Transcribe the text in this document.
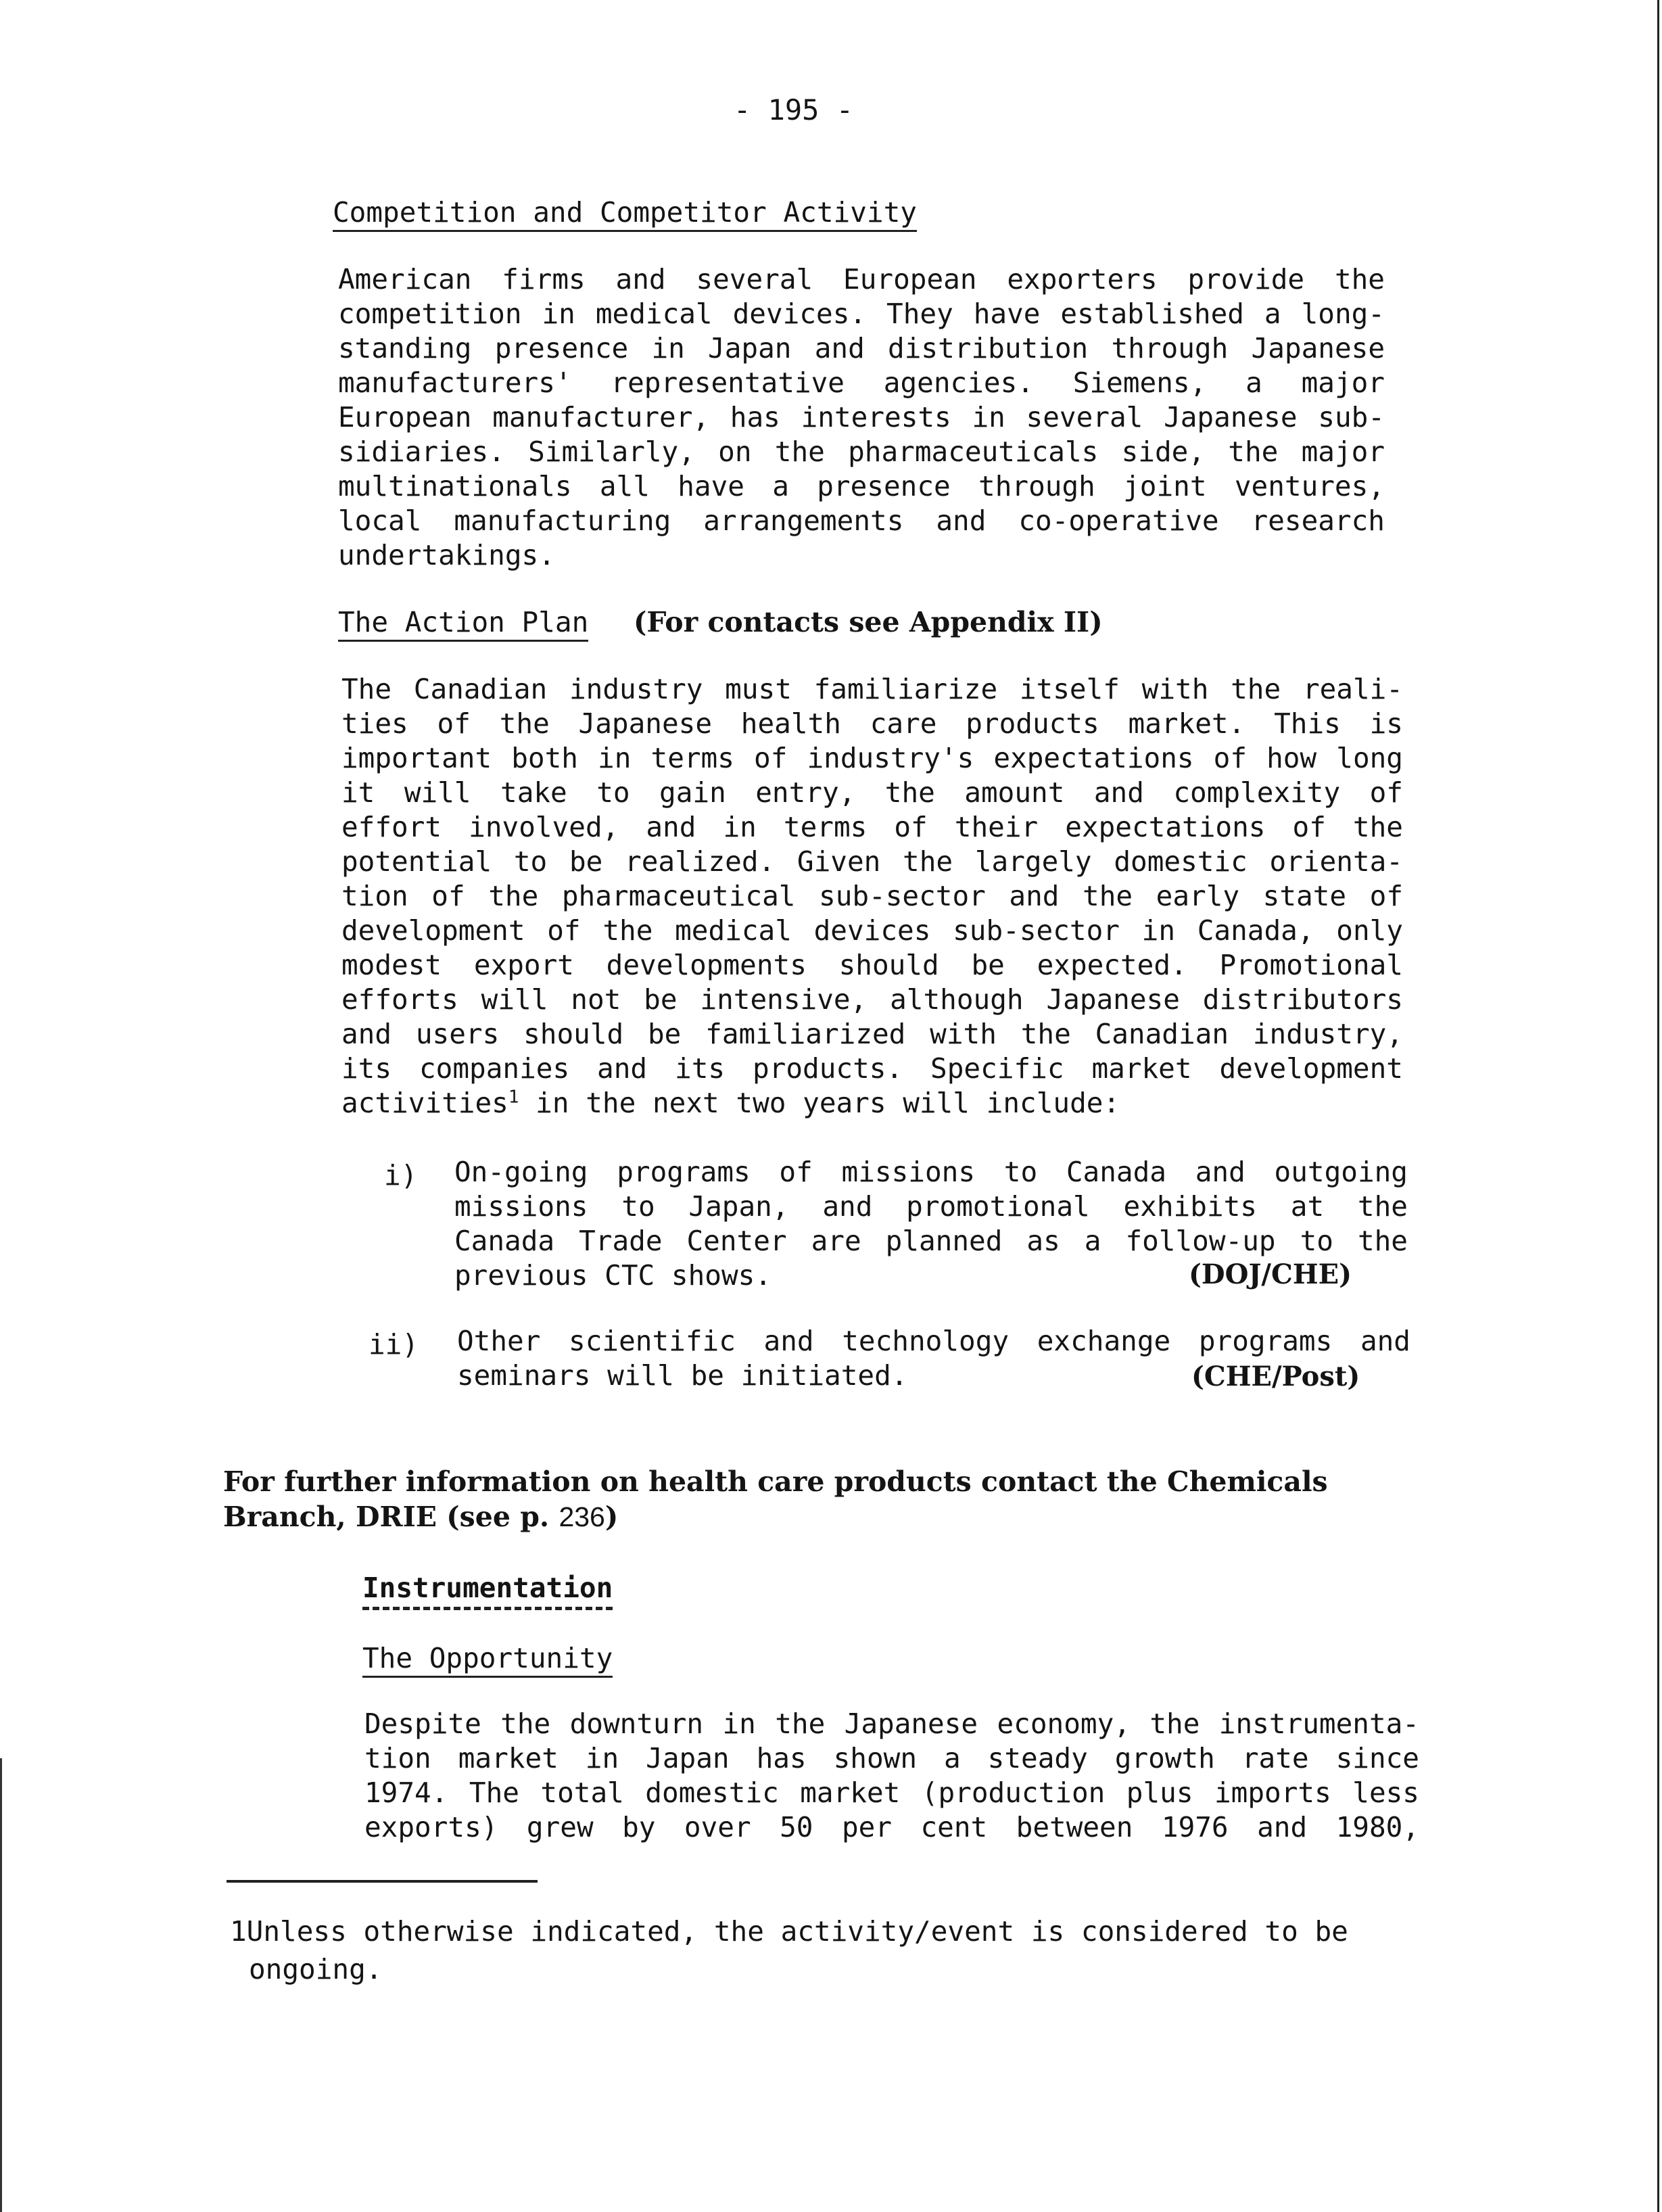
- 195 -
Competition and Competitor Activity
American firms and several European exporters provide the
competition in medical devices. They have established a long-
standing presence in Japan and distribution through Japanese
manufacturers' representative agencies. Siemens, a major
European manufacturer, has interests in several Japanese sub-
sidiaries. Similarly, on the pharmaceuticals side, the major
multinationals all have a presence through joint ventures,
local manufacturing arrangements and co-operative research
undertakings.
The Action Plan (For contacts see Appendix II)
The Canadian industry must familiarize itself with the reali-
ties of the Japanese health care products market. This is
important both in terms of industry's expectations of how long
it will take to gain entry, the amount and complexity of
effort involved, and in terms of their expectations of the
potential to be realized. Given the largely domestic orienta-
tion of the pharmaceutical sub-sector and the early state of
development of the medical devices sub-sector in Canada, only
modest export developments should be expected. Promotional
efforts will not be intensive, although Japanese distributors
and users should be familiarized with the Canadian industry,
its companies and its products. Specific market development
activities$^1$ in the next two years will include:
i) On-going programs of missions to Canada and outgoing
missions to Japan, and promotional exhibits at the
Canada Trade Center are planned as a follow-up to the
previous CTC shows.	(DOJ/CHE)
ii) Other scientific and technology exchange programs and
seminars will be initiated.	(CHE/Post)
For further information on health care products contact the Chemicals
Branch, DRIE (see p. 236)
Instrumentation
The Opportunity
Despite the downturn in the Japanese economy, the instrumenta-
tion market in Japan has shown a steady growth rate since
1974. The total domestic market (production plus imports less
exports) grew by over 50 per cent between 1976 and 1980,
1Unless otherwise indicated, the activity/event is considered to be
ongoing.
